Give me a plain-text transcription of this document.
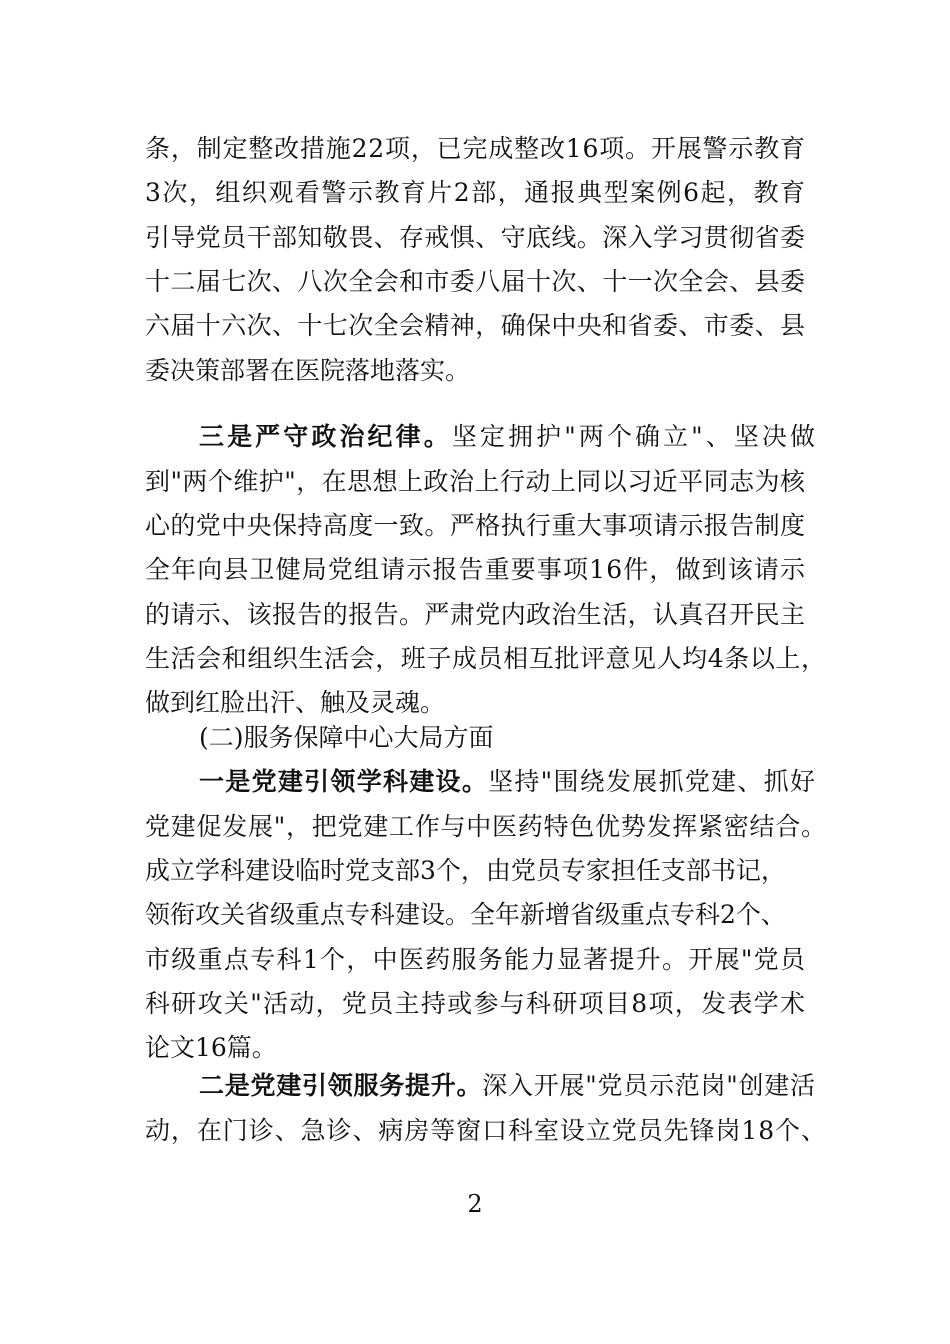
条，制定整改措施22项，已完成整改16项。开展警示教育
3次，组织观看警示教育片2部，通报典型案例6起，教育
引导党员干部知敬畏、存戒惧、守底线。深入学习贯彻省委
十二届七次、八次全会和市委八届十次、十一次全会、县委
六届十六次、十七次全会精神，确保中央和省委、市委、县
委决策部署在医院落地落实。
三是严守政治纪律。坚定拥护"两个确立"、坚决做
到"两个维护"，在思想上政治上行动上同以习近平同志为核
心的党中央保持高度一致。严格执行重大事项请示报告制度
全年向县卫健局党组请示报告重要事项16件，做到该请示
的请示、该报告的报告。严肃党内政治生活，认真召开民主
生活会和组织生活会，班子成员相互批评意见人均4条以上，
做到红脸出汗、触及灵魂。
(二)服务保障中心大局方面
一是党建引领学科建设。坚持"围绕发展抓党建、抓好
党建促发展"，把党建工作与中医药特色优势发挥紧密结合。
成立学科建设临时党支部3个，由党员专家担任支部书记，
领衔攻关省级重点专科建设。全年新增省级重点专科2个、
市级重点专科1个，中医药服务能力显著提升。开展"党员
科研攻关"活动，党员主持或参与科研项目8项，发表学术
论文16篇。
二是党建引领服务提升。深入开展"党员示范岗"创建活
动，在门诊、急诊、病房等窗口科室设立党员先锋岗18个、
2
